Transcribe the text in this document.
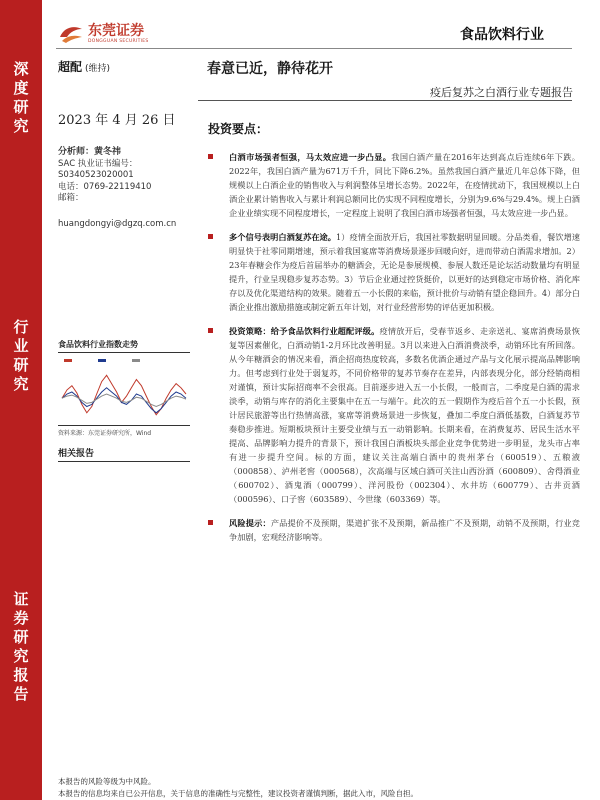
深
度
研
究
行
业
研
究
证
券
研
究
报
告
东莞证券
DONGGUAN SECURITIES	食品饮料行业
超配 (维持)	春意已近，静待花开
疫后复苏之白酒行业专题报告
2023 年 4 月 26 日
分析师：黄冬祎
SAC 执业证书编号：
S0340523020001
电话：0769-22119410
邮箱：
huangdongyi@dgzq.com.cn
食品饮料行业指数走势
资料来源：东莞证券研究所，Wind
相关报告
投资要点：
白酒市场强者恒强，马太效应进一步凸显。我国白酒产量在2016年达到高点后连续6年下跌。2022年，我国白酒产量为671万千升，同比下降6.2%。虽然我国白酒产量近几年总体下降，但规模以上白酒企业的销售收入与利润整体呈增长态势。2022年，在疫情扰动下，我国规模以上白酒企业累计销售收入与累计利润总额同比仍实现不同程度增长，分别为9.6%与29.4%。规上白酒企业业绩实现不同程度增长，一定程度上说明了我国白酒市场强者恒强，马太效应进一步凸显。
多个信号表明白酒复苏在途。1）疫情全面放开后，我国社零数据明显回暖。分品类看，餐饮增速明显快于社零同期增速，预示着我国宴席等消费场景逐步回暖向好，进而带动白酒需求增加。2）23年春糖会作为疫后首届举办的糖酒会，无论是参展规模、参展人数还是论坛活动数量均有明显提升，行业呈现稳步复苏态势。3）节后企业通过控货挺价，以更好的达到稳定市场价格、消化库存以及优化渠道结构的效果。随着五一小长假的来临，预计批价与动销有望企稳回升。4）部分白酒企业推出激励措施或制定新五年计划，对行业经营形势的评估更加积极。
投资策略：给予食品饮料行业超配评级。疫情放开后，受春节返乡、走亲送礼、宴席消费场景恢复等因素催化，白酒动销1-2月环比改善明显。3月以来进入白酒消费淡季，动销环比有所回落。从今年糖酒会的情况来看，酒企招商热度较高，多数名优酒企通过产品与文化展示提高品牌影响力。但考虑到行业处于弱复苏，不同价格带的复苏节奏存在差异，内部表现分化，部分经销商相对谨慎，预计实际招商率不会很高。目前逐步进入五一小长假，一般而言，二季度是白酒的需求淡季，动销与库存的消化主要集中在五一与端午。此次的五一假期作为疫后首个五一小长假，预计居民旅游等出行热情高涨，宴席等消费场景进一步恢复，叠加二季度白酒低基数，白酒复苏节奏稳步推进。短期板块预计主要受业绩与五一动销影响。长期来看，在消费复苏、居民生活水平提高、品牌影响力提升的背景下，预计我国白酒板块头部企业竞争优势进一步明显，龙头市占率有进一步提升空间。标的方面，建议关注高端白酒中的贵州茅台（600519）、五粮液（000858）、泸州老窖（000568），次高端与区域白酒可关注山西汾酒（600809）、舍得酒业（600702）、酒鬼酒（000799）、洋河股份（002304）、水井坊（600779）、古井贡酒（000596）、口子窖（603589）、今世缘（603369）等。
风险提示：产品提价不及预期，渠道扩张不及预期，新品推广不及预期，动销不及预期，行业竞争加剧，宏观经济影响等。
本报告的风险等级为中风险。
本报告的信息均来自已公开信息，关于信息的准确性与完整性，建议投资者谨慎判断，据此入市，风险自担。
